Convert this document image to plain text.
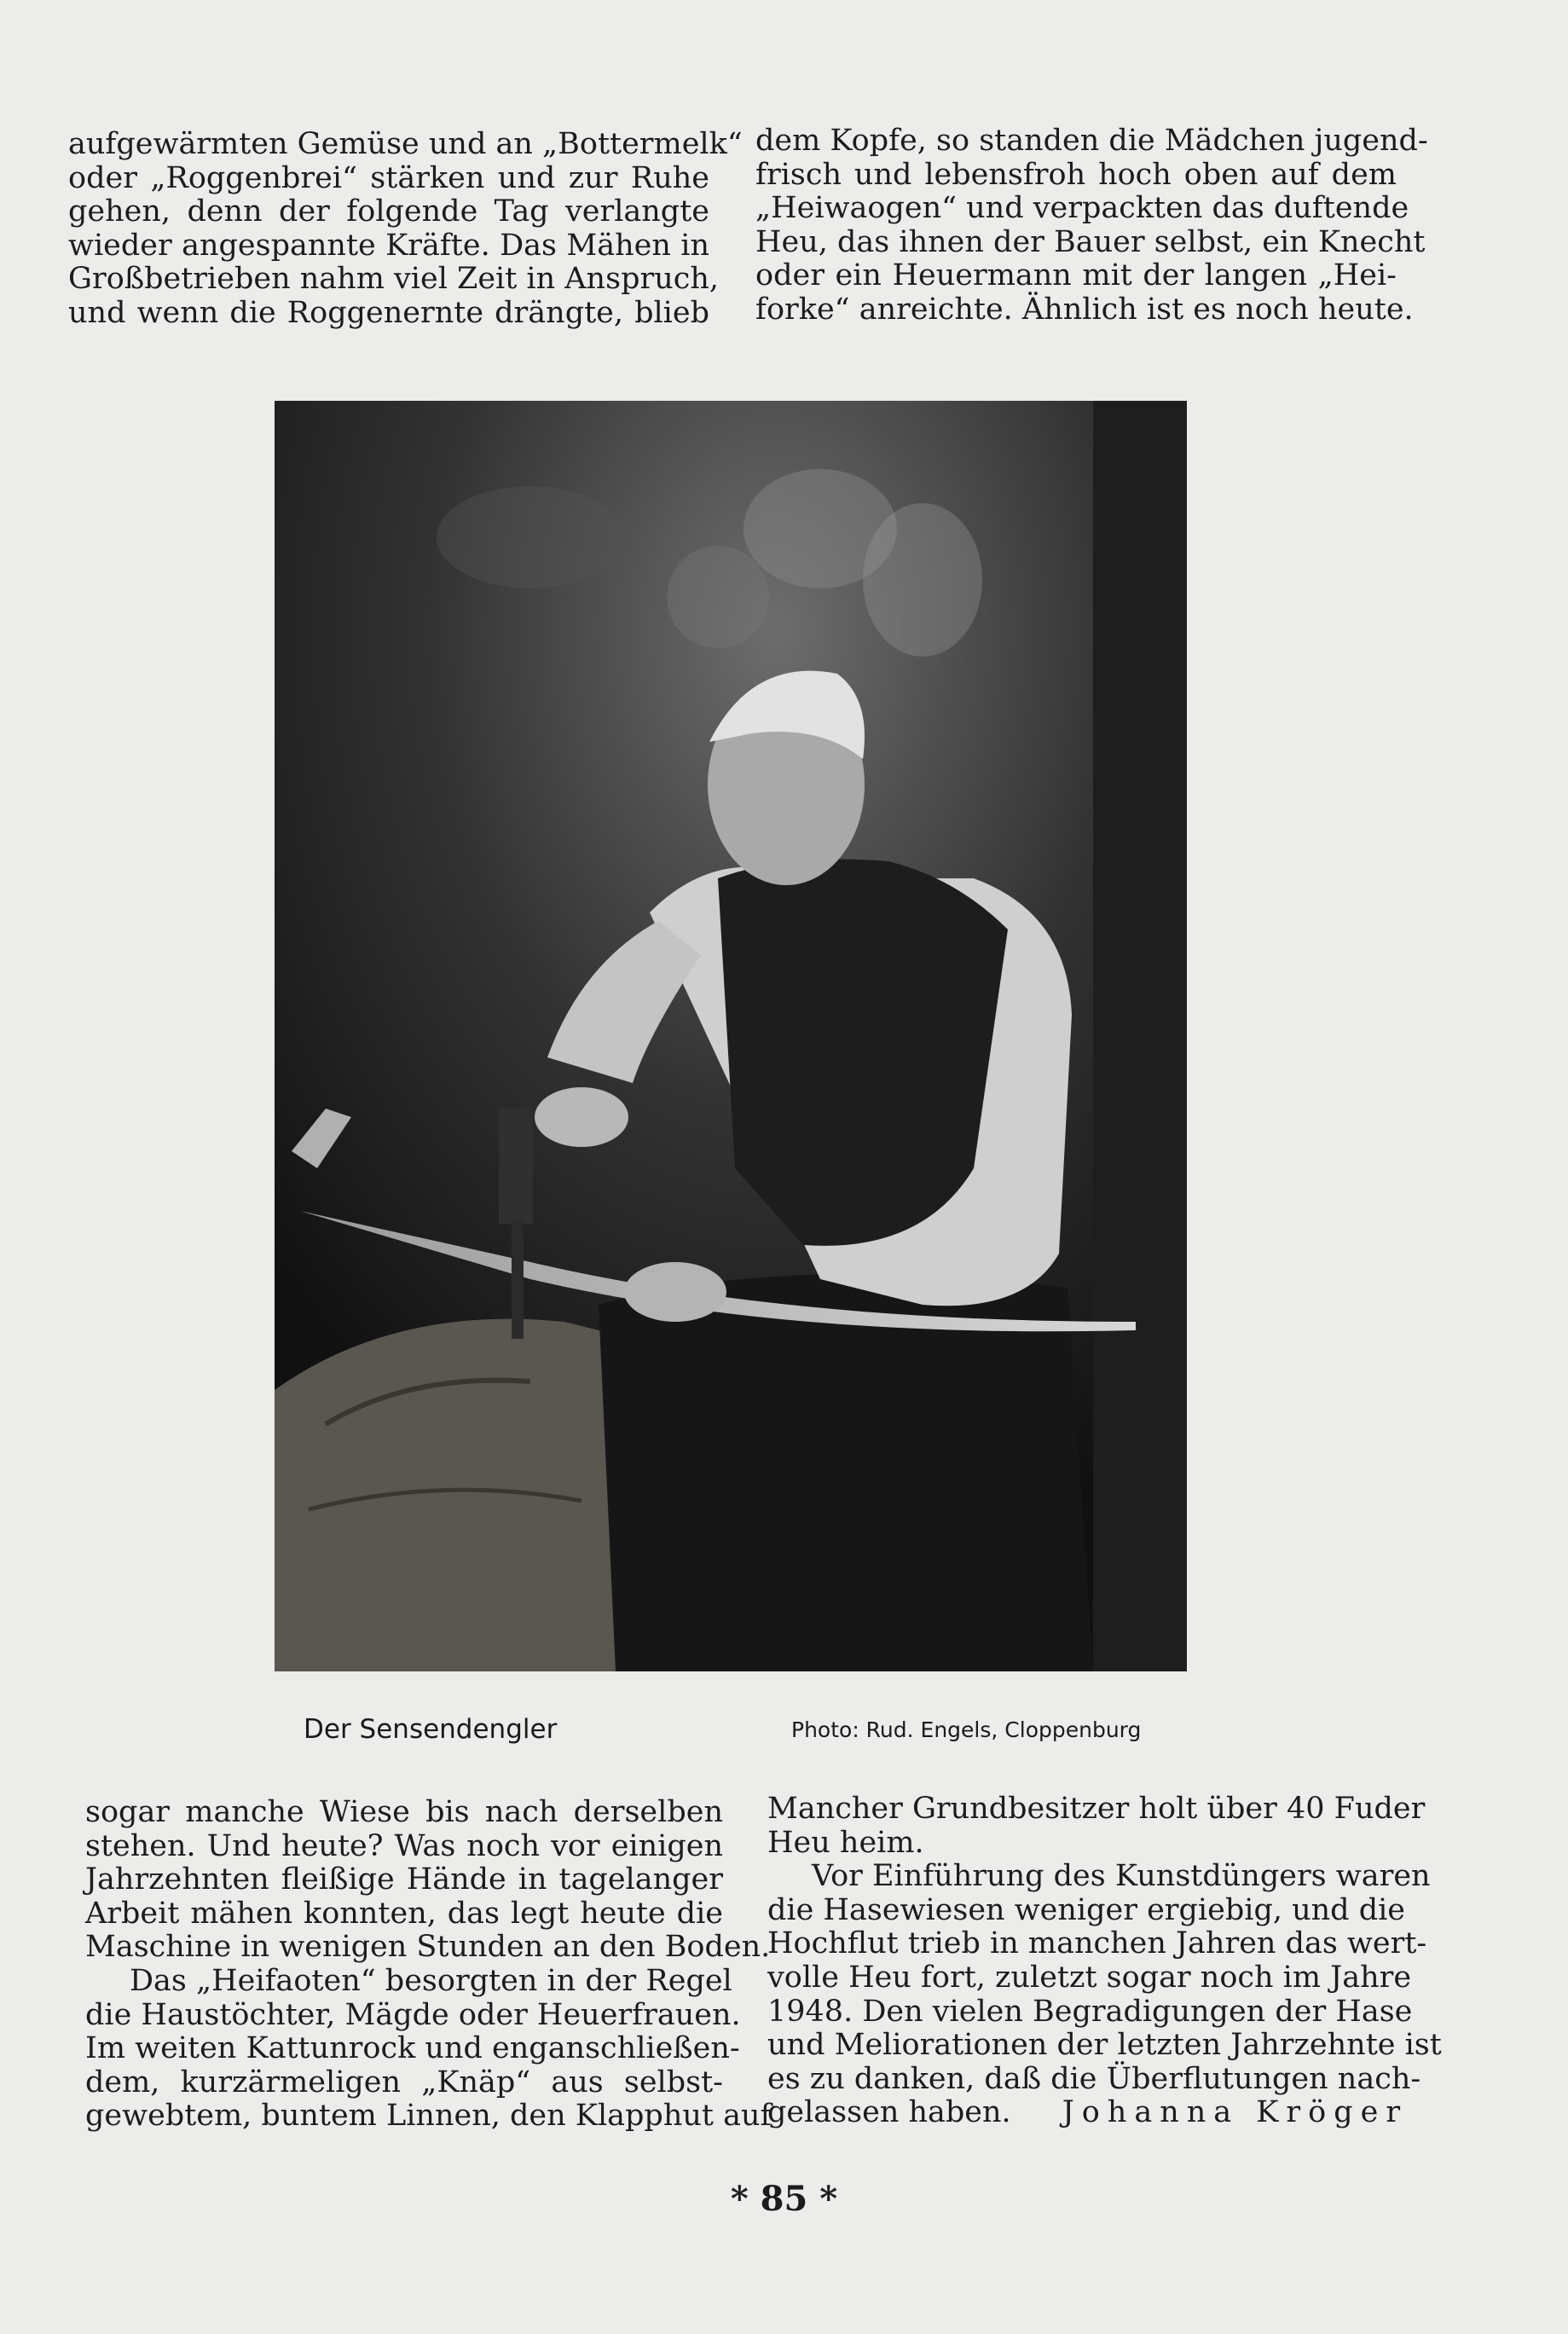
aufgewärmten Gemüse und an „Bottermelk“
oder „Roggenbrei“ stärken und zur Ruhe
gehen, denn der folgende Tag verlangte
wieder angespannte Kräfte. Das Mähen in
Großbetrieben nahm viel Zeit in Anspruch,
und wenn die Roggenernte drängte, blieb
dem Kopfe, so standen die Mädchen jugend-
frisch und lebensfroh hoch oben auf dem
„Heiwaogen“ und verpackten das duftende
Heu, das ihnen der Bauer selbst, ein Knecht
oder ein Heuermann mit der langen „Hei-
forke“ anreichte. Ähnlich ist es noch heute.
Der Sensendengler	Photo: Rud. Engels, Cloppenburg
sogar manche Wiese bis nach derselben
stehen. Und heute? Was noch vor einigen
Jahrzehnten fleißige Hände in tagelanger
Arbeit mähen konnten, das legt heute die
Maschine in wenigen Stunden an den Boden.
Das „Heifaoten“ besorgten in der Regel
die Haustöchter, Mägde oder Heuerfrauen.
Im weiten Kattunrock und enganschließen-
dem, kurzärmeligen „Knäp“ aus selbst-
gewebtem, buntem Linnen, den Klapphut auf
Mancher Grundbesitzer holt über 40 Fuder
Heu heim.
Vor Einführung des Kunstdüngers waren
die Hasewiesen weniger ergiebig, und die
Hochflut trieb in manchen Jahren das wert-
volle Heu fort, zuletzt sogar noch im Jahre
1948. Den vielen Begradigungen der Hase
und Meliorationen der letzten Jahrzehnte ist
es zu danken, daß die Überflutungen nach-
gelassen haben. Johanna Kröger
* 85 *
